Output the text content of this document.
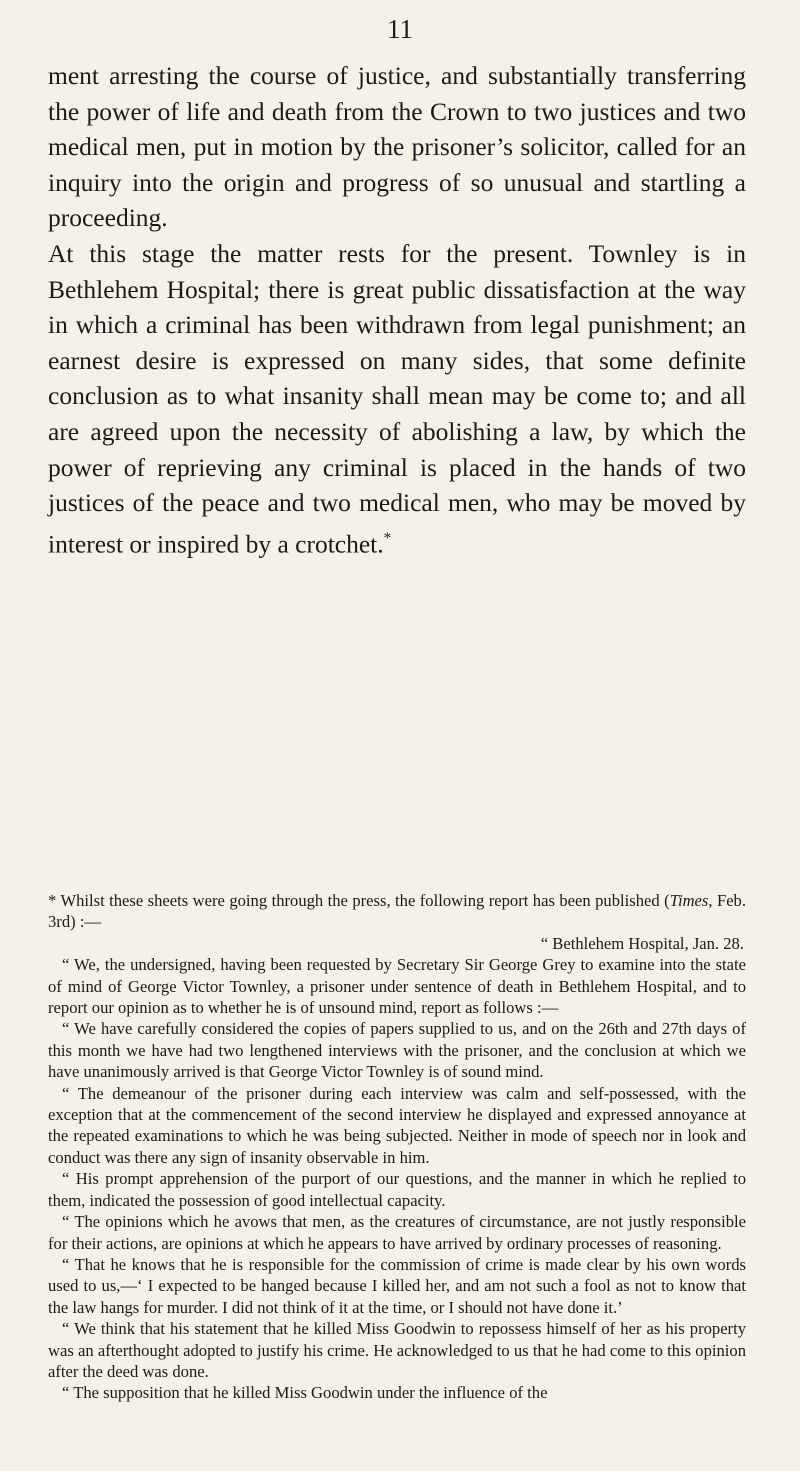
11

ment arresting the course of justice, and substantially transferring the power of life and death from the Crown to two justices and two medical men, put in motion by the prisoner’s solicitor, called for an inquiry into the origin and progress of so unusual and startling a proceeding.

At this stage the matter rests for the present. Townley is in Bethlehem Hospital; there is great public dissatisfaction at the way in which a criminal has been withdrawn from legal punishment; an earnest desire is expressed on many sides, that some definite conclusion as to what insanity shall mean may be come to; and all are agreed upon the necessity of abolishing a law, by which the power of reprieving any criminal is placed in the hands of two justices of the peace and two medical men, who may be moved by interest or inspired by a crotchet.*

* Whilst these sheets were going through the press, the following report has been published (Times, Feb. 3rd) :—

“ Bethlehem Hospital, Jan. 28.

“ We, the undersigned, having been requested by Secretary Sir George Grey to examine into the state of mind of George Victor Townley, a prisoner under sentence of death in Bethlehem Hospital, and to report our opinion as to whether he is of unsound mind, report as follows :—

“ We have carefully considered the copies of papers supplied to us, and on the 26th and 27th days of this month we have had two lengthened interviews with the prisoner, and the conclusion at which we have unanimously arrived is that George Victor Townley is of sound mind.

“ The demeanour of the prisoner during each interview was calm and self-possessed, with the exception that at the commencement of the second interview he displayed and expressed annoyance at the repeated examinations to which he was being subjected. Neither in mode of speech nor in look and conduct was there any sign of insanity observable in him.

“ His prompt apprehension of the purport of our questions, and the manner in which he replied to them, indicated the possession of good intellectual capacity.

“ The opinions which he avows that men, as the creatures of circumstance, are not justly responsible for their actions, are opinions at which he appears to have arrived by ordinary processes of reasoning.

“ That he knows that he is responsible for the commission of crime is made clear by his own words used to us,—‘ I expected to be hanged because I killed her, and am not such a fool as not to know that the law hangs for murder. I did not think of it at the time, or I should not have done it.’

“ We think that his statement that he killed Miss Goodwin to repossess himself of her as his property was an afterthought adopted to justify his crime. He acknowledged to us that he had come to this opinion after the deed was done.

“ The supposition that he killed Miss Goodwin under the influence of the
